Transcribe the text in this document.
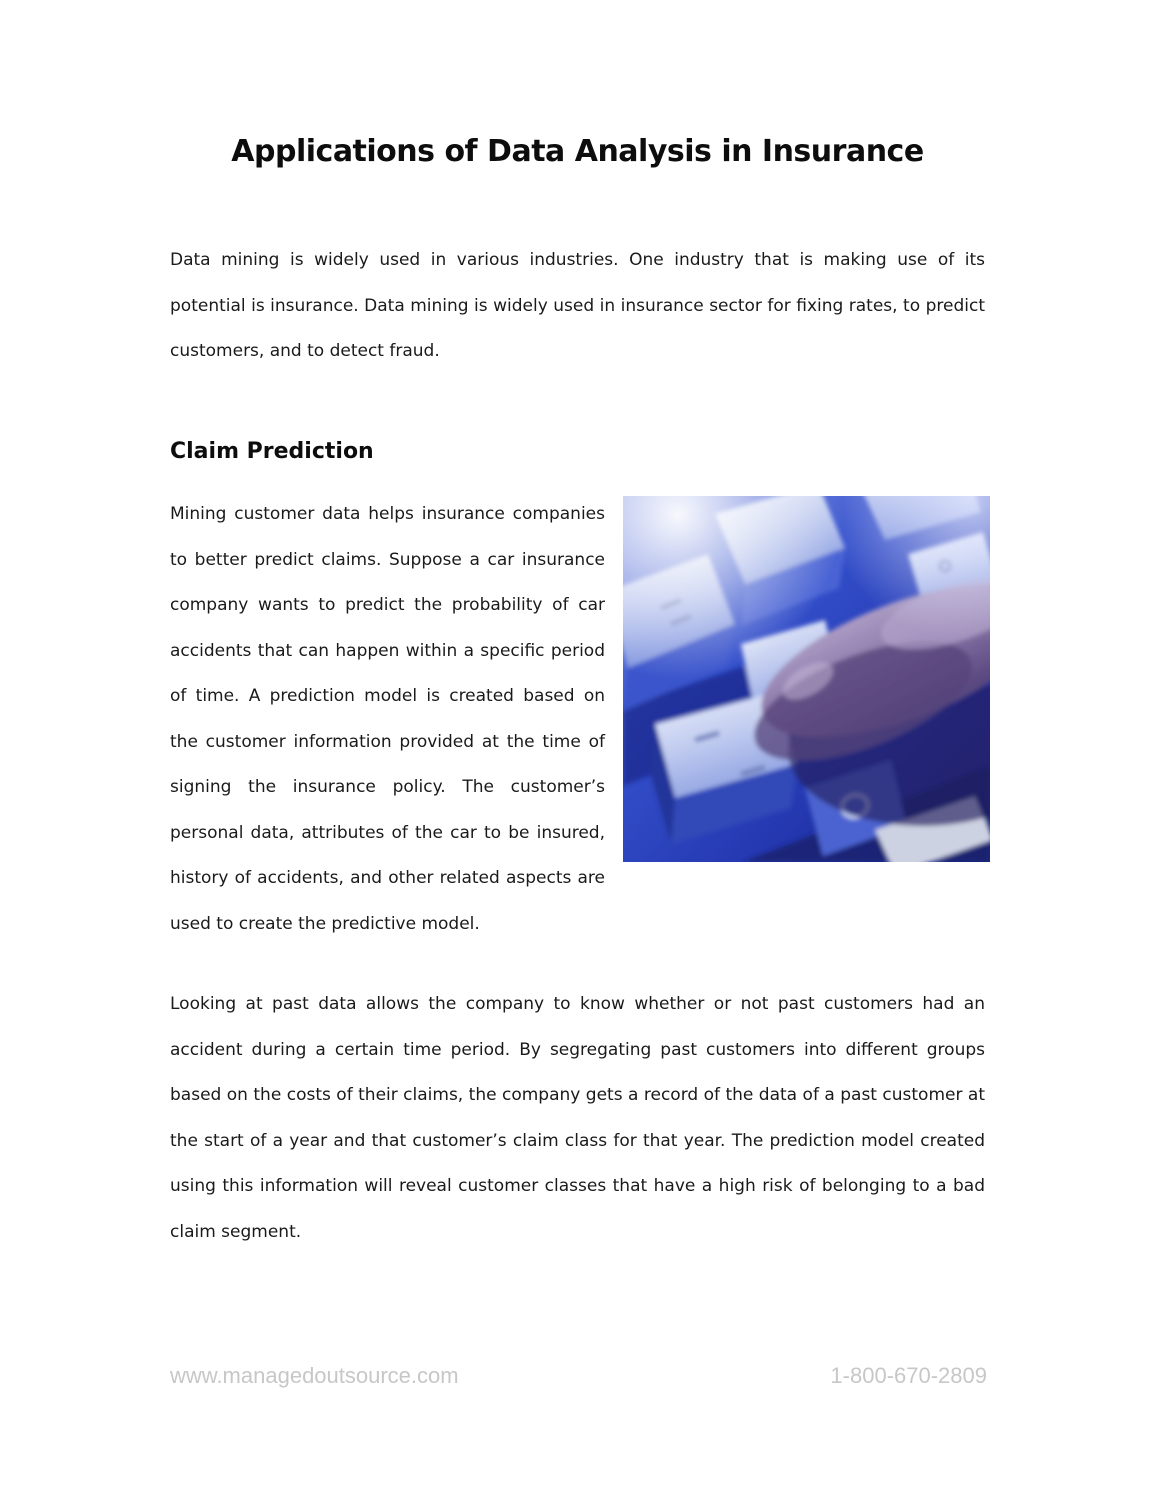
Applications of Data Analysis in Insurance

Data mining is widely used in various industries. One industry that is making use of its potential is insurance. Data mining is widely used in insurance sector for fixing rates, to predict customers, and to detect fraud.

Claim Prediction
Mining customer data helps insurance companies to better predict claims. Suppose a car insurance company wants to predict the probability of car accidents that can happen within a specific period of time. A prediction model is created based on the customer information provided at the time of signing the insurance policy. The customer’s personal data, attributes of the car to be insured, history of accidents, and other related aspects are used to create the predictive model.

Looking at past data allows the company to know whether or not past customers had an accident during a certain time period. By segregating past customers into different groups based on the costs of their claims, the company gets a record of the data of a past customer at the start of a year and that customer’s claim class for that year. The prediction model created using this information will reveal customer classes that have a high risk of belonging to a bad claim segment.

www.managedoutsource.com	1-800-670-2809
